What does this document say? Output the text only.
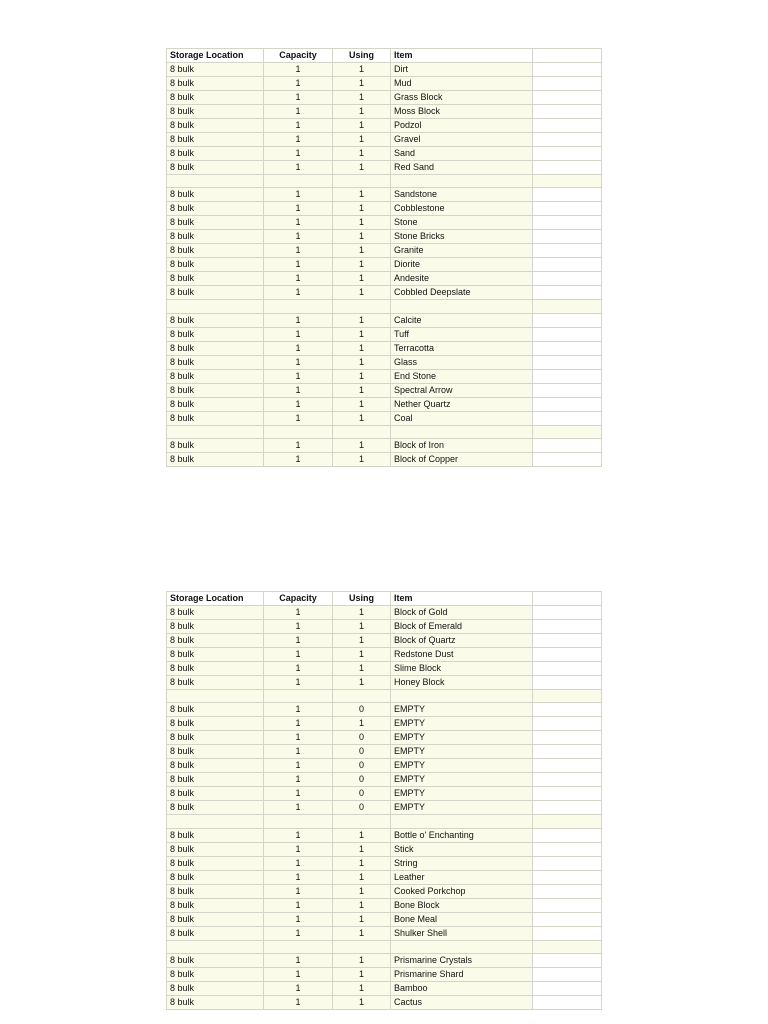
Storage Location	Capacity	Using	Item	
8 bulk	1	1	Dirt	
8 bulk	1	1	Mud	
8 bulk	1	1	Grass Block	
8 bulk	1	1	Moss Block	
8 bulk	1	1	Podzol	
8 bulk	1	1	Gravel	
8 bulk	1	1	Sand	
8 bulk	1	1	Red Sand	

8 bulk	1	1	Sandstone	
8 bulk	1	1	Cobblestone	
8 bulk	1	1	Stone	
8 bulk	1	1	Stone Bricks	
8 bulk	1	1	Granite	
8 bulk	1	1	Diorite	
8 bulk	1	1	Andesite	
8 bulk	1	1	Cobbled Deepslate	

8 bulk	1	1	Calcite	
8 bulk	1	1	Tuff	
8 bulk	1	1	Terracotta	
8 bulk	1	1	Glass	
8 bulk	1	1	End Stone	
8 bulk	1	1	Spectral Arrow	
8 bulk	1	1	Nether Quartz	
8 bulk	1	1	Coal	

8 bulk	1	1	Block of Iron	
8 bulk	1	1	Block of Copper	
Storage Location	Capacity	Using	Item	
8 bulk	1	1	Block of Gold	
8 bulk	1	1	Block of Emerald	
8 bulk	1	1	Block of Quartz	
8 bulk	1	1	Redstone Dust	
8 bulk	1	1	Slime Block	
8 bulk	1	1	Honey Block	

8 bulk	1	0	EMPTY	
8 bulk	1	1	EMPTY	
8 bulk	1	0	EMPTY	
8 bulk	1	0	EMPTY	
8 bulk	1	0	EMPTY	
8 bulk	1	0	EMPTY	
8 bulk	1	0	EMPTY	
8 bulk	1	0	EMPTY	

8 bulk	1	1	Bottle o' Enchanting	
8 bulk	1	1	Stick	
8 bulk	1	1	String	
8 bulk	1	1	Leather	
8 bulk	1	1	Cooked Porkchop	
8 bulk	1	1	Bone Block	
8 bulk	1	1	Bone Meal	
8 bulk	1	1	Shulker Shell	

8 bulk	1	1	Prismarine Crystals	
8 bulk	1	1	Prismarine Shard	
8 bulk	1	1	Bamboo	
8 bulk	1	1	Cactus	
